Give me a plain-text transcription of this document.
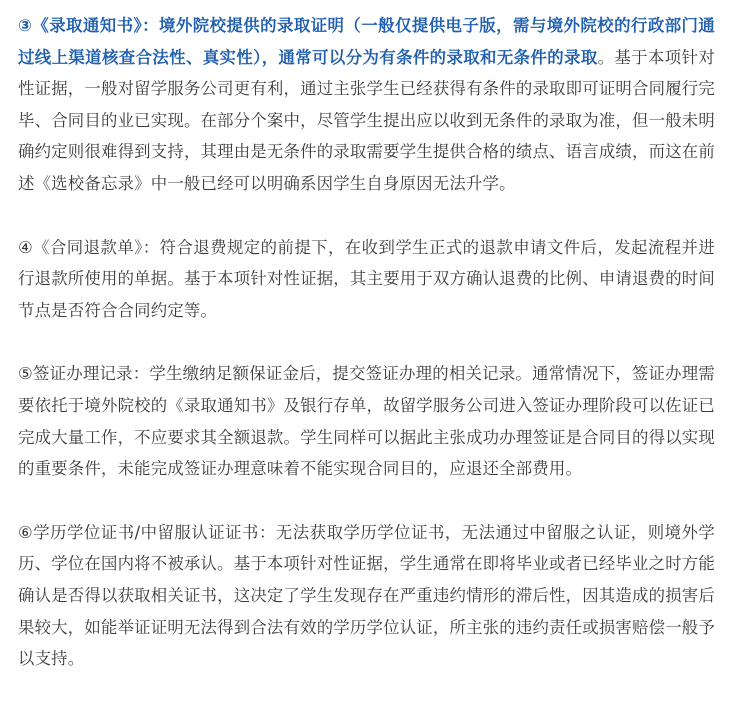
③《录取通知书》：境外院校提供的录取证明（一般仅提供电子版，需与境外院校的行政部门通过线上渠道核查合法性、真实性），通常可以分为有条件的录取和无条件的录取。基于本项针对性证据，一般对留学服务公司更有利，通过主张学生已经获得有条件的录取即可证明合同履行完毕、合同目的业已实现。在部分个案中，尽管学生提出应以收到无条件的录取为准，但一般未明确约定则很难得到支持，其理由是无条件的录取需要学生提供合格的绩点、语言成绩，而这在前述《选校备忘录》中一般已经可以明确系因学生自身原因无法升学。

④《合同退款单》：符合退费规定的前提下，在收到学生正式的退款申请文件后，发起流程并进行退款所使用的单据。基于本项针对性证据，其主要用于双方确认退费的比例、申请退费的时间节点是否符合合同约定等。

⑤签证办理记录：学生缴纳足额保证金后，提交签证办理的相关记录。通常情况下，签证办理需要依托于境外院校的《录取通知书》及银行存单，故留学服务公司进入签证办理阶段可以佐证已完成大量工作，不应要求其全额退款。学生同样可以据此主张成功办理签证是合同目的得以实现的重要条件，未能完成签证办理意味着不能实现合同目的，应退还全部费用。

⑥学历学位证书/中留服认证证书：无法获取学历学位证书，无法通过中留服之认证，则境外学历、学位在国内将不被承认。基于本项针对性证据，学生通常在即将毕业或者已经毕业之时方能确认是否得以获取相关证书，这决定了学生发现存在严重违约情形的滞后性，因其造成的损害后果较大，如能举证证明无法得到合法有效的学历学位认证，所主张的违约责任或损害赔偿一般予以支持。
